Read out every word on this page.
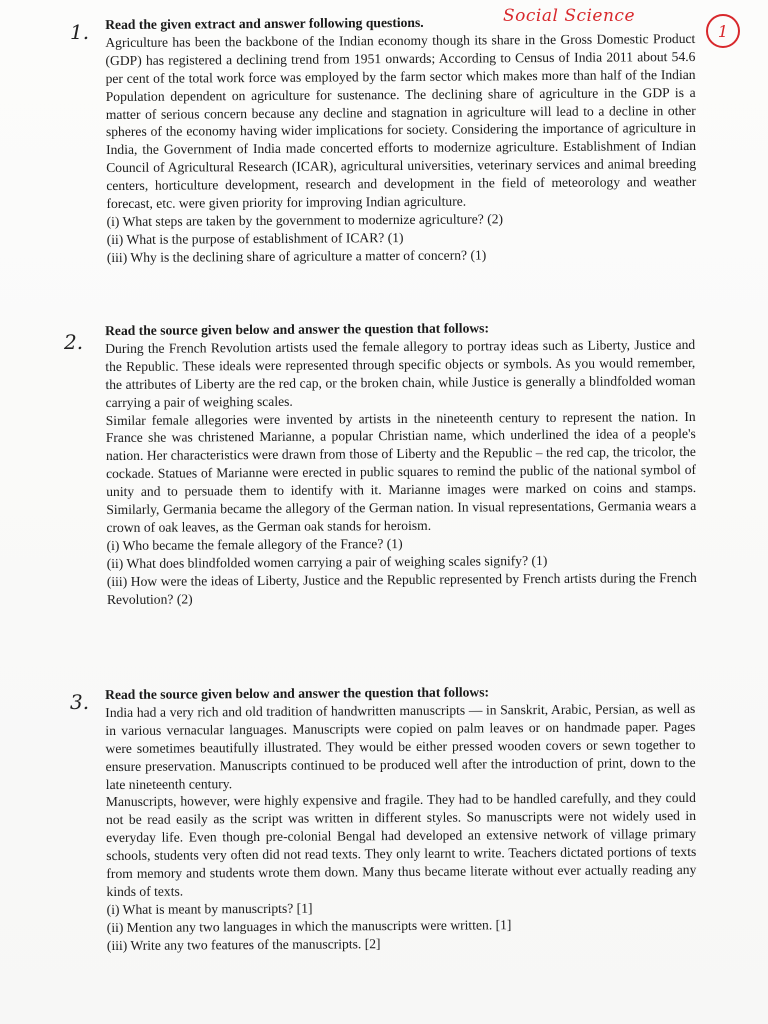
Social Science
1
1. Read the given extract and answer following questions.

Agriculture has been the backbone of the Indian economy though its share in the Gross Domestic Product (GDP) has registered a declining trend from 1951 onwards; According to Census of India 2011 about 54.6 per cent of the total work force was employed by the farm sector which makes more than half of the Indian Population dependent on agriculture for sustenance. The declining share of agriculture in the GDP is a matter of serious concern because any decline and stagnation in agriculture will lead to a decline in other spheres of the economy having wider implications for society. Considering the importance of agriculture in India, the Government of India made concerted efforts to modernize agriculture. Establishment of Indian Council of Agricultural Research (ICAR), agricultural universities, veterinary services and animal breeding centers, horticulture development, research and development in the field of meteorology and weather forecast, etc. were given priority for improving Indian agriculture.

(i) What steps are taken by the government to modernize agriculture? (2)

(ii) What is the purpose of establishment of ICAR? (1)

(iii) Why is the declining share of agriculture a matter of concern? (1)

2.

Read the source given below and answer the question that follows:

During the French Revolution artists used the female allegory to portray ideas such as Liberty, Justice and the Republic. These ideals were represented through specific objects or symbols. As you would remember, the attributes of Liberty are the red cap, or the broken chain, while Justice is generally a blindfolded woman carrying a pair of weighing scales.

Similar female allegories were invented by artists in the nineteenth century to represent the nation. In France she was christened Marianne, a popular Christian name, which underlined the idea of a people's nation. Her characteristics were drawn from those of Liberty and the Republic – the red cap, the tricolor, the cockade. Statues of Marianne were erected in public squares to remind the public of the national symbol of unity and to persuade them to identify with it. Marianne images were marked on coins and stamps. Similarly, Germania became the allegory of the German nation. In visual representations, Germania wears a crown of oak leaves, as the German oak stands for heroism.

(i) Who became the female allegory of the France? (1)

(ii) What does blindfolded women carrying a pair of weighing scales signify? (1)

(iii) How were the ideas of Liberty, Justice and the Republic represented by French artists during the French Revolution? (2)

3. Read the source given below and answer the question that follows:

India had a very rich and old tradition of handwritten manuscripts — in Sanskrit, Arabic, Persian, as well as in various vernacular languages. Manuscripts were copied on palm leaves or on handmade paper. Pages were sometimes beautifully illustrated. They would be either pressed wooden covers or sewn together to ensure preservation. Manuscripts continued to be produced well after the introduction of print, down to the late nineteenth century.

Manuscripts, however, were highly expensive and fragile. They had to be handled carefully, and they could not be read easily as the script was written in different styles. So manuscripts were not widely used in everyday life. Even though pre-colonial Bengal had developed an extensive network of village primary schools, students very often did not read texts. They only learnt to write. Teachers dictated portions of texts from memory and students wrote them down. Many thus became literate without ever actually reading any kinds of texts.

(i) What is meant by manuscripts? [1]

(ii) Mention any two languages in which the manuscripts were written. [1]

(iii) Write any two features of the manuscripts. [2]
